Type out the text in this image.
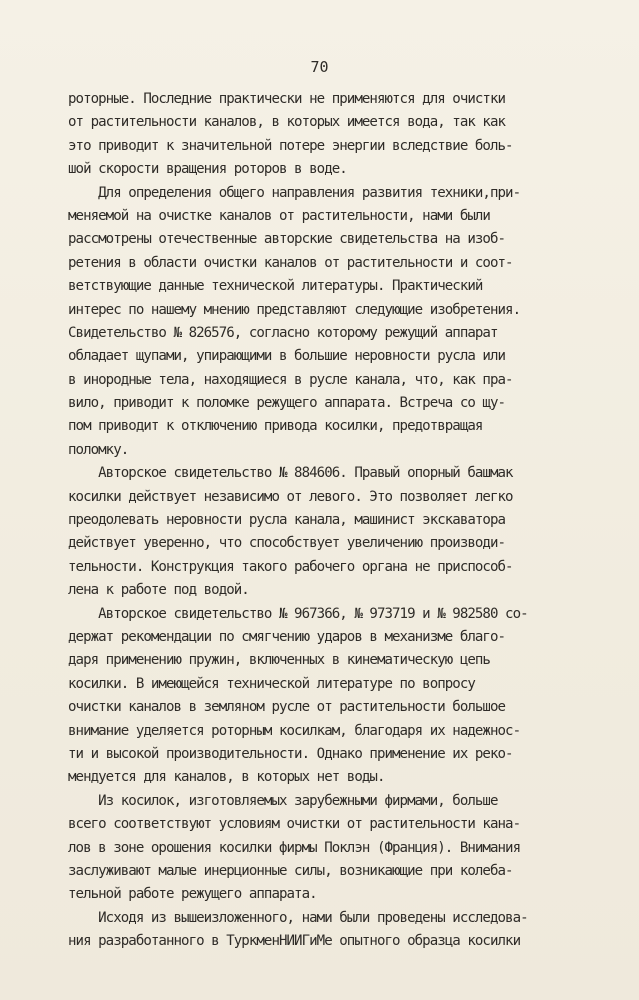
70
роторные. Последние практически не применяются для очистки
от растительности каналов, в которых имеется вода, так как
это приводит к значительной потере энергии вследствие боль-
шой скорости вращения роторов в воде.
Для определения общего направления развития техники,при-
меняемой на очистке каналов от растительности, нами были
рассмотрены отечественные авторские свидетельства на изоб-
ретения в области очистки каналов от растительности и соот-
ветствующие данные технической литературы. Практический
интерес по нашему мнению представляют следующие изобретения.
Свидетельство № 826576, согласно которому режущий аппарат
обладает щупами, упирающими в большие неровности русла или
в инородные тела, находящиеся в русле канала, что, как пра-
вило, приводит к поломке режущего аппарата. Встреча со щу-
пом приводит к отключению привода косилки, предотвращая
поломку.
Авторское свидетельство № 884606. Правый опорный башмак
косилки действует независимо от левого. Это позволяет легко
преодолевать неровности русла канала, машинист экскаватора
действует уверенно, что способствует увеличению производи-
тельности. Конструкция такого рабочего органа не приспособ-
лена к работе под водой.
Авторское свидетельство № 967366, № 973719 и № 982580 со-
держат рекомендации по смягчению ударов в механизме благо-
даря применению пружин, включенных в кинематическую цепь
косилки. В имеющейся технической литературе по вопросу
очистки каналов в земляном русле от растительности большое
внимание уделяется роторным косилкам, благодаря их надежнос-
ти и высокой производительности. Однако применение их реко-
мендуется для каналов, в которых нет воды.
Из косилок, изготовляемых зарубежными фирмами, больше
всего соответствуют условиям очистки от растительности кана-
лов в зоне орошения косилки фирмы Поклэн (Франция). Внимания
заслуживают малые инерционные силы, возникающие при колеба-
тельной работе режущего аппарата.
Исходя из вышеизложенного, нами были проведены исследова-
ния разработанного в ТуркменНИИГиМе опытного образца косилки
